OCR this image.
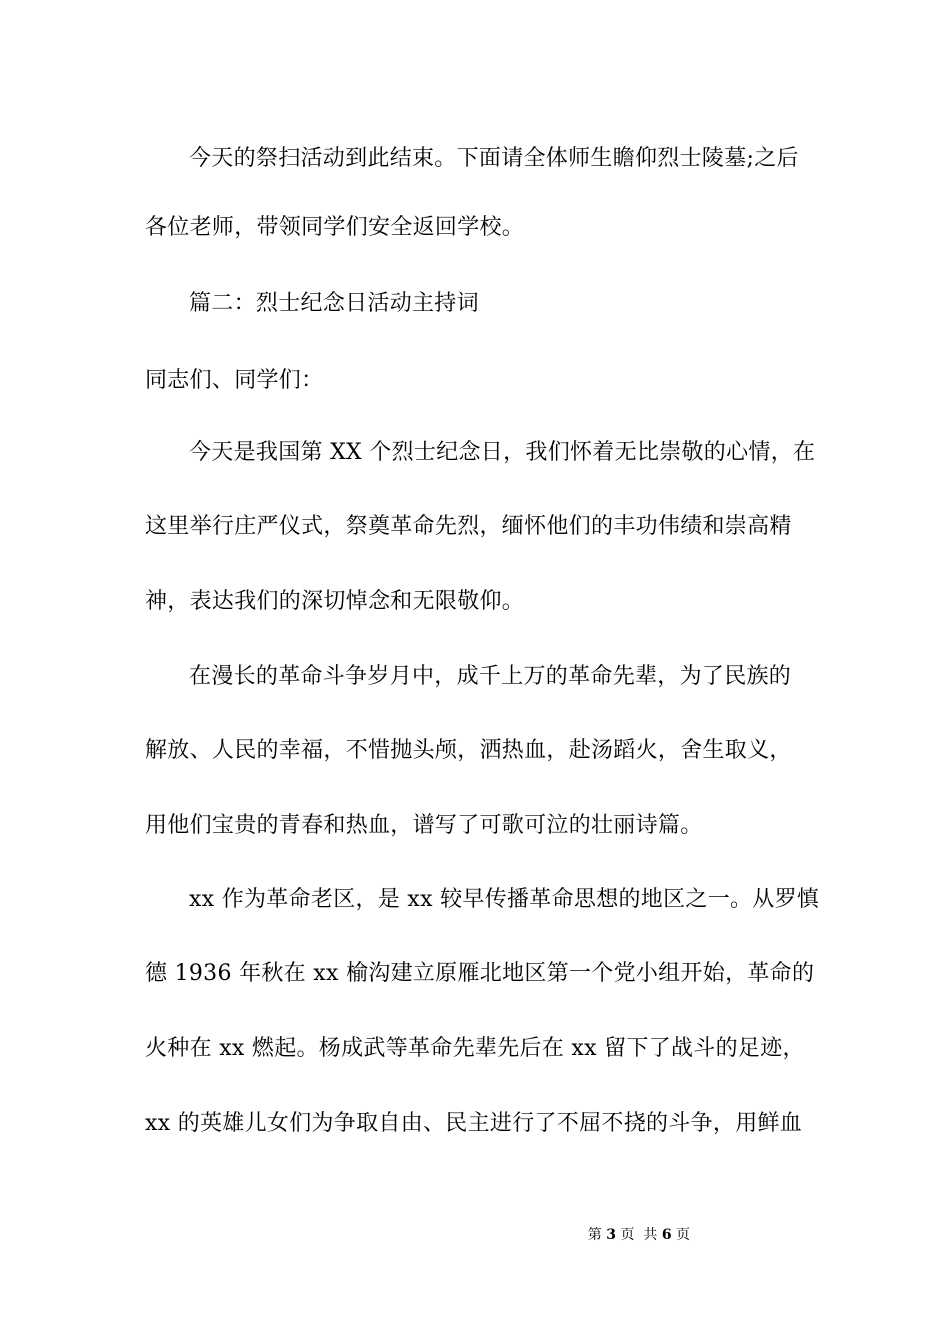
今天的祭扫活动到此结束。下面请全体师生瞻仰烈士陵墓;之后
各位老师，带领同学们安全返回学校。
篇二：烈士纪念日活动主持词
同志们、同学们：
今天是我国第 XX 个烈士纪念日，我们怀着无比崇敬的心情，在
这里举行庄严仪式，祭奠革命先烈，缅怀他们的丰功伟绩和崇高精
神，表达我们的深切悼念和无限敬仰。
在漫长的革命斗争岁月中，成千上万的革命先辈，为了民族的
解放、人民的幸福，不惜抛头颅，洒热血，赴汤蹈火，舍生取义，
用他们宝贵的青春和热血，谱写了可歌可泣的壮丽诗篇。
xx 作为革命老区，是 xx 较早传播革命思想的地区之一。从罗慎
德 1936 年秋在 xx 榆沟建立原雁北地区第一个党小组开始，革命的
火种在 xx 燃起。杨成武等革命先辈先后在 xx 留下了战斗的足迹，
xx 的英雄儿女们为争取自由、民主进行了不屈不挠的斗争，用鲜血

第 3 页  共 6 页
